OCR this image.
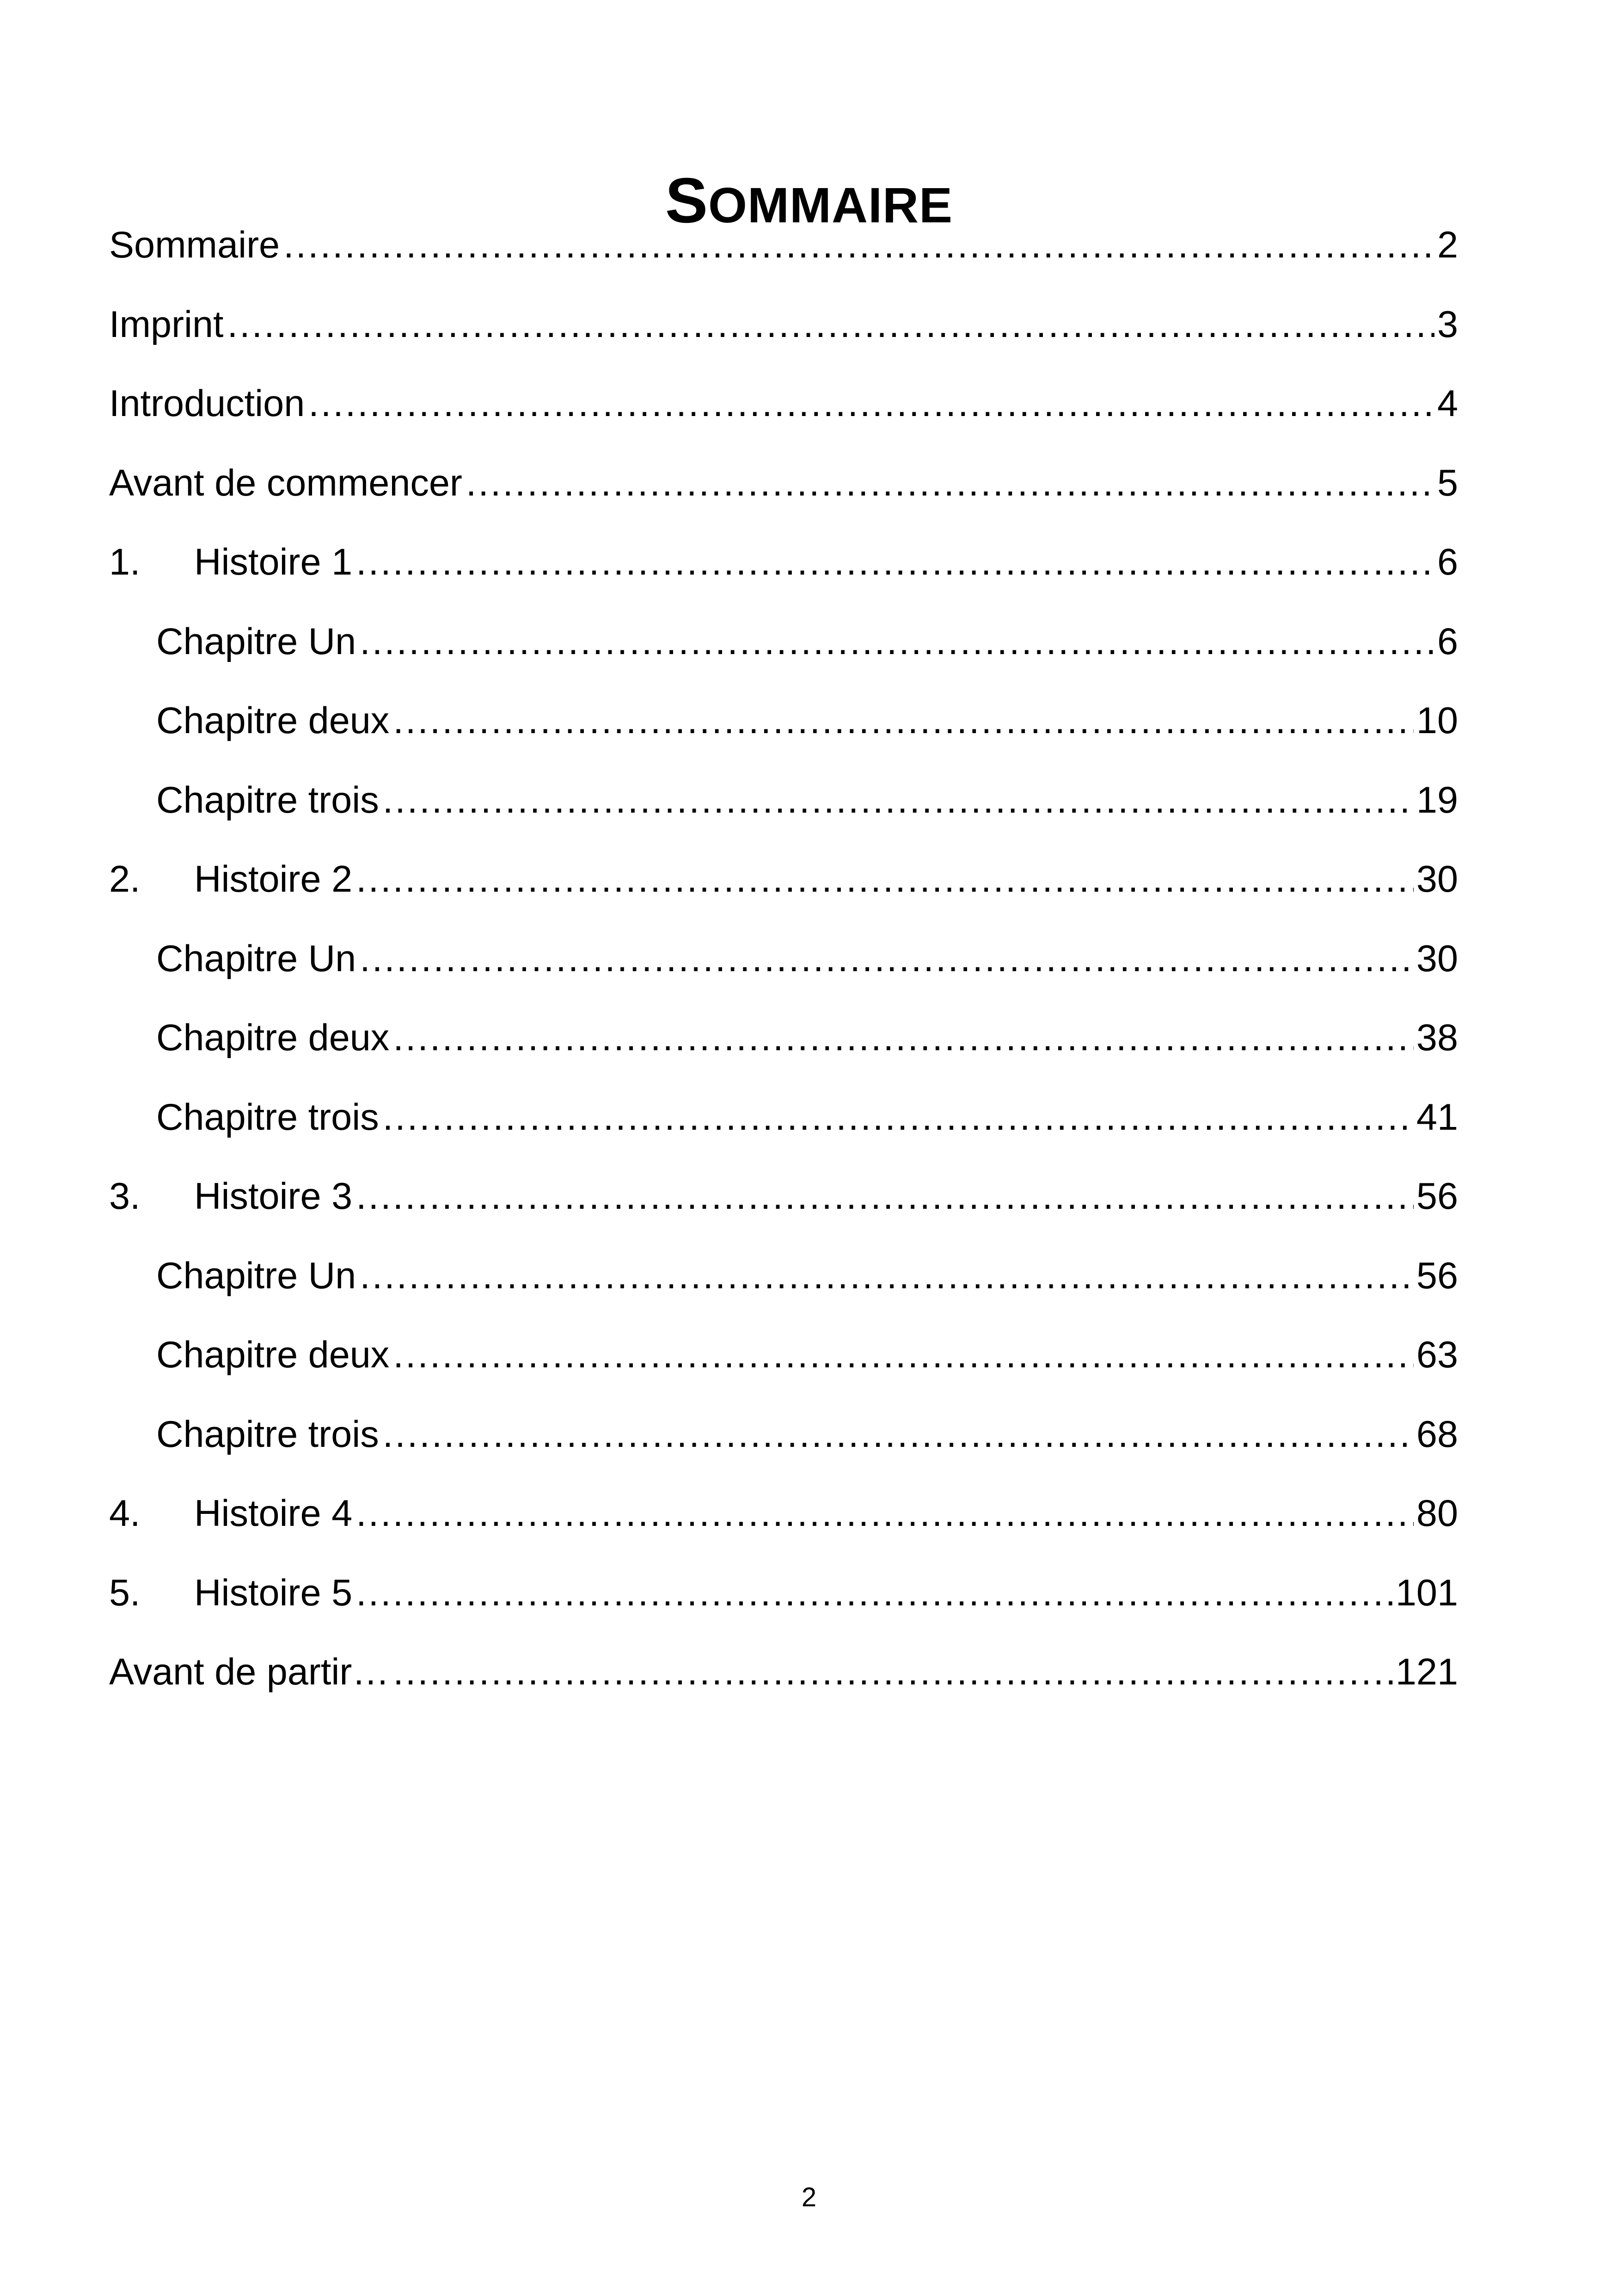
SOMMAIRE
Sommaire .....	2
Imprint .....	3
Introduction .....	4
Avant de commencer .....	5
1.	Histoire 1 .....	6
Chapitre Un .....	6
Chapitre deux .....	10
Chapitre trois .....	19
2.	Histoire 2 .....	30
Chapitre Un .....	30
Chapitre deux .....	38
Chapitre trois .....	41
3.	Histoire 3 .....	56
Chapitre Un .....	56
Chapitre deux .....	63
Chapitre trois .....	68
4.	Histoire 4 .....	80
5.	Histoire 5 .....	101
Avant de partir… .....	121
2
